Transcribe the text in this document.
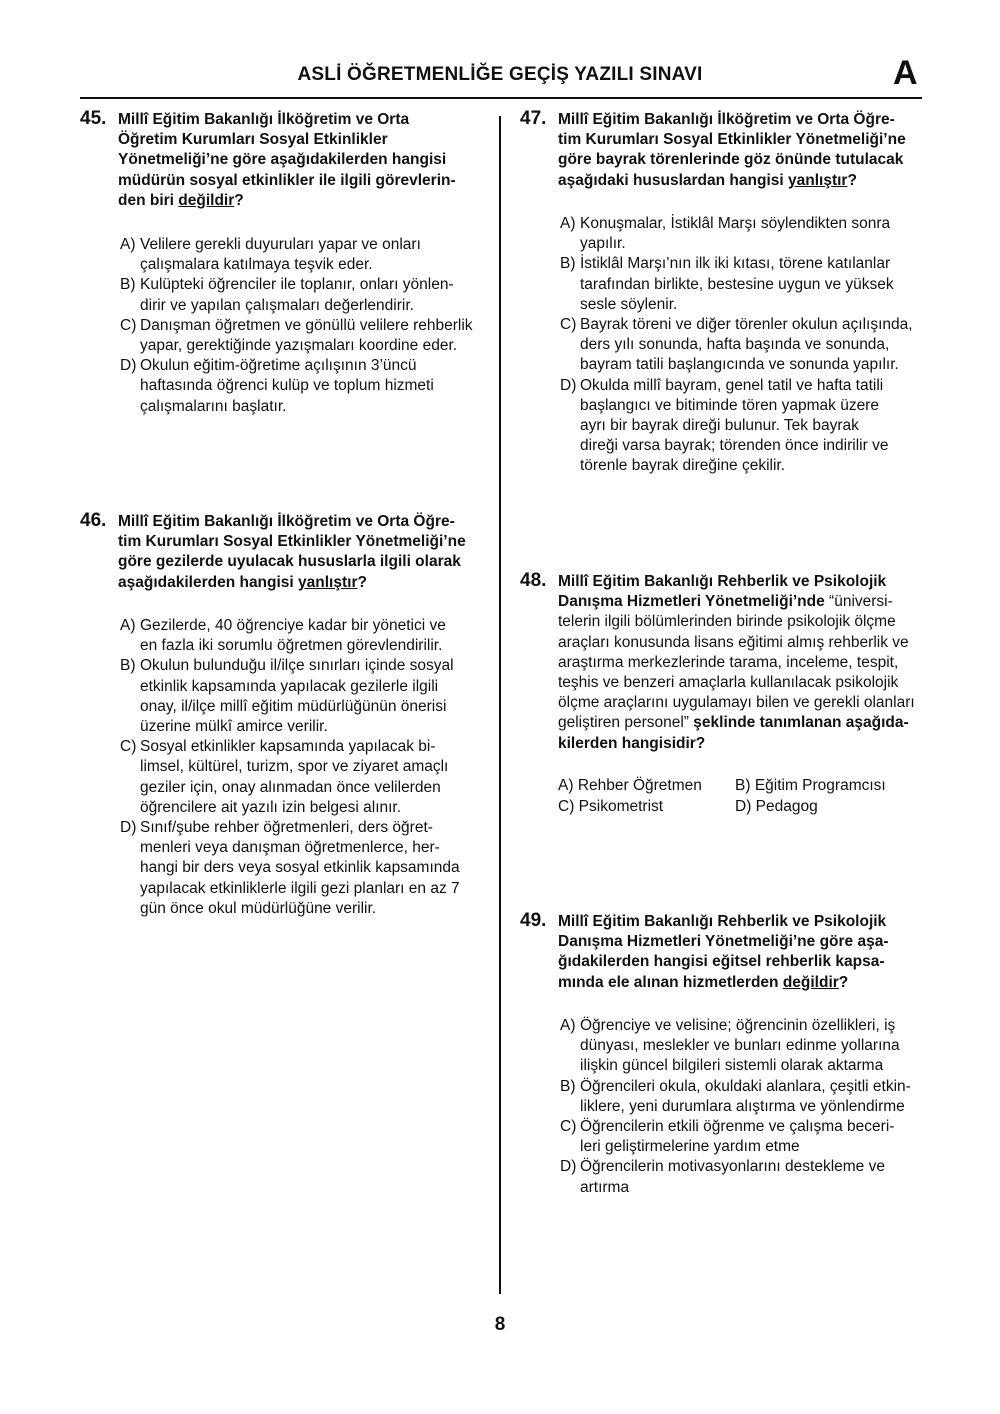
ASLİ ÖĞRETMENLİĞE GEÇİŞ YAZILI SINAVI	A
45. Millî Eğitim Bakanlığı İlköğretim ve Orta
Öğretim Kurumları Sosyal Etkinlikler
Yönetmeliği’ne göre aşağıdakilerden hangisi
müdürün sosyal etkinlikler ile ilgili görevlerin-
den biri değildir?
A) Velilere gerekli duyuruları yapar ve onları
çalışmalara katılmaya teşvik eder.
B) Kulüpteki öğrenciler ile toplanır, onları yönlen-
dirir ve yapılan çalışmaları değerlendirir.
C) Danışman öğretmen ve gönüllü velilere rehberlik
yapar, gerektiğinde yazışmaları koordine eder.
D) Okulun eğitim-öğretime açılışının 3’üncü
haftasında öğrenci kulüp ve toplum hizmeti
çalışmalarını başlatır.
46. Millî Eğitim Bakanlığı İlköğretim ve Orta Öğre-
tim Kurumları Sosyal Etkinlikler Yönetmeliği’ne
göre gezilerde uyulacak hususlarla ilgili olarak
aşağıdakilerden hangisi yanlıştır?
A) Gezilerde, 40 öğrenciye kadar bir yönetici ve
en fazla iki sorumlu öğretmen görevlendirilir.
B) Okulun bulunduğu il/ilçe sınırları içinde sosyal
etkinlik kapsamında yapılacak gezilerle ilgili
onay, il/ilçe millî eğitim müdürlüğünün önerisi
üzerine mülkî amirce verilir.
C) Sosyal etkinlikler kapsamında yapılacak bi-
limsel, kültürel, turizm, spor ve ziyaret amaçlı
geziler için, onay alınmadan önce velilerden
öğrencilere ait yazılı izin belgesi alınır.
D) Sınıf/şube rehber öğretmenleri, ders öğret-
menleri veya danışman öğretmenlerce, her-
hangi bir ders veya sosyal etkinlik kapsamında
yapılacak etkinliklerle ilgili gezi planları en az 7
gün önce okul müdürlüğüne verilir.
47. Millî Eğitim Bakanlığı İlköğretim ve Orta Öğre-
tim Kurumları Sosyal Etkinlikler Yönetmeliği’ne
göre bayrak törenlerinde göz önünde tutulacak
aşağıdaki hususlardan hangisi yanlıştır?
A) Konuşmalar, İstiklâl Marşı söylendikten sonra
yapılır.
B) İstiklâl Marşı’nın ilk iki kıtası, törene katılanlar
tarafından birlikte, bestesine uygun ve yüksek
sesle söylenir.
C) Bayrak töreni ve diğer törenler okulun açılışında,
ders yılı sonunda, hafta başında ve sonunda,
bayram tatili başlangıcında ve sonunda yapılır.
D) Okulda millî bayram, genel tatil ve hafta tatili
başlangıcı ve bitiminde tören yapmak üzere
ayrı bir bayrak direği bulunur. Tek bayrak
direği varsa bayrak; törenden önce indirilir ve
törenle bayrak direğine çekilir.
48. Millî Eğitim Bakanlığı Rehberlik ve Psikolojik
Danışma Hizmetleri Yönetmeliği’nde “üniversi-
telerin ilgili bölümlerinden birinde psikolojik ölçme
araçları konusunda lisans eğitimi almış rehberlik ve
araştırma merkezlerinde tarama, inceleme, tespit,
teşhis ve benzeri amaçlarla kullanılacak psikolojik
ölçme araçlarını uygulamayı bilen ve gerekli olanları
geliştiren personel” şeklinde tanımlanan aşağıda-
kilerden hangisidir?
A) Rehber Öğretmen	B) Eğitim Programcısı
C) Psikometrist	D) Pedagog
49. Millî Eğitim Bakanlığı Rehberlik ve Psikolojik
Danışma Hizmetleri Yönetmeliği’ne göre aşa-
ğıdakilerden hangisi eğitsel rehberlik kapsa-
mında ele alınan hizmetlerden değildir?
A) Öğrenciye ve velisine; öğrencinin özellikleri, iş
dünyası, meslekler ve bunları edinme yollarına
ilişkin güncel bilgileri sistemli olarak aktarma
B) Öğrencileri okula, okuldaki alanlara, çeşitli etkin-
liklere, yeni durumlara alıştırma ve yönlendirme
C) Öğrencilerin etkili öğrenme ve çalışma beceri-
leri geliştirmelerine yardım etme
D) Öğrencilerin motivasyonlarını destekleme ve
artırma
8
